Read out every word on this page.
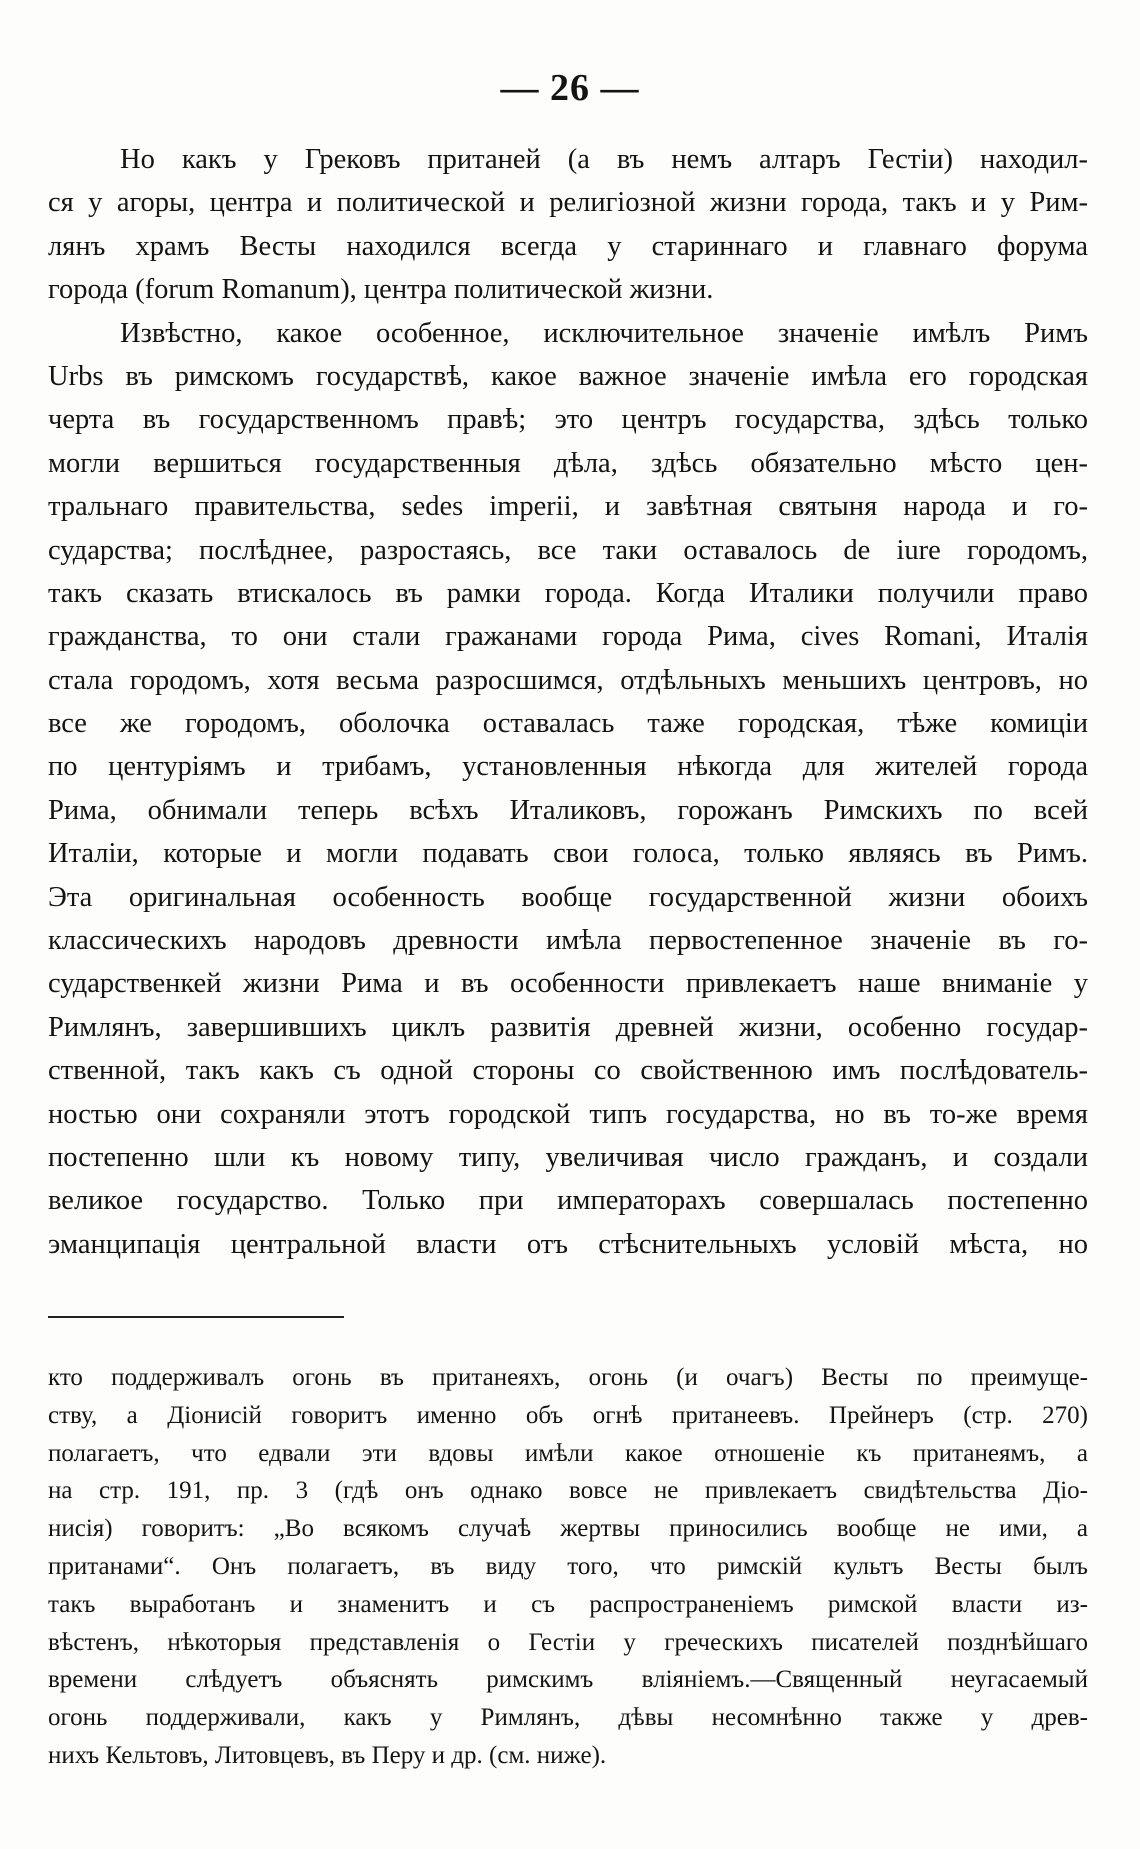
— 26 —
Но какъ у Грековъ пританей (а въ немъ алтаръ Гестiи) находил-
ся у агоры, центра и политической и религiозной жизни города, такъ и у Рим-
лянъ храмъ Весты находился всегда у стариннаго и главнаго форума
города (forum Romanum), центра политической жизни.
Извѣстно, какое особенное, исключительное значенiе имѣлъ Римъ
Urbs въ римскомъ государствѣ, какое важное значенiе имѣла его городская
черта въ государственномъ правѣ; это центръ государства, здѣсь только
могли вершиться государственныя дѣла, здѣсь обязательно мѣсто цен-
тральнаго правительства, sedes imperii, и завѣтная святыня народа и го-
сударства; послѣднее, разростаясь, все таки оставалось de iure городомъ,
такъ сказать втискалось въ рамки города. Когда Италики получили право
гражданства, то они стали гражанами города Рима, cives Romani, Италiя
стала городомъ, хотя весьма разросшимся, отдѣльныхъ меньшихъ центровъ, но
все же городомъ, оболочка оставалась таже городская, тѣже комицiи
по центурiямъ и трибамъ, установленныя нѣкогда для жителей города
Рима, обнимали теперь всѣхъ Италиковъ, горожанъ Римскихъ по всей
Италiи, которые и могли подавать свои голоса, только являясь въ Римъ.
Эта оригинальная особенность вообще государственной жизни обоихъ
классическихъ народовъ древности имѣла первостепенное значенiе въ го-
сударственкей жизни Рима и въ особенности привлекаетъ наше вниманiе у
Римлянъ, завершившихъ циклъ развитiя древней жизни, особенно государ-
ственной, такъ какъ съ одной стороны со свойственною имъ послѣдователь-
ностью они сохраняли этотъ городской типъ государства, но въ то-же время
постепенно шли къ новому типу, увеличивая число гражданъ, и создали
великое государство. Только при императорахъ совершалась постепенно
эманципацiя центральной власти отъ стѣснительныхъ условiй мѣста, но
кто поддерживалъ огонь въ пританеяхъ, огонь (и очагъ) Весты по преимуще-
ству, а Дiонисiй говоритъ именно объ огнѣ пританеевъ. Прейнеръ (стр. 270)
полагаетъ, что едвали эти вдовы имѣли какое отношенiе къ пританеямъ, а
на стр. 191, пр. 3 (гдѣ онъ однако вовсе не привлекаетъ свидѣтельства Дiо-
нисiя) говоритъ: „Во всякомъ случаѣ жертвы приносились вообще не ими, а
пританами“. Онъ полагаетъ, въ виду того, что римскiй культъ Весты былъ
такъ выработанъ и знаменитъ и съ распространенiемъ римской власти из-
вѣстенъ, нѣкоторыя представленiя о Гестiи у греческихъ писателей позднѣйшаго
времени слѣдуетъ объяснять римскимъ влiянiемъ.—Священный неугасаемый
огонь поддерживали, какъ у Римлянъ, дѣвы несомнѣнно также у древ-
нихъ Кельтовъ, Литовцевъ, въ Перу и др. (см. ниже).
